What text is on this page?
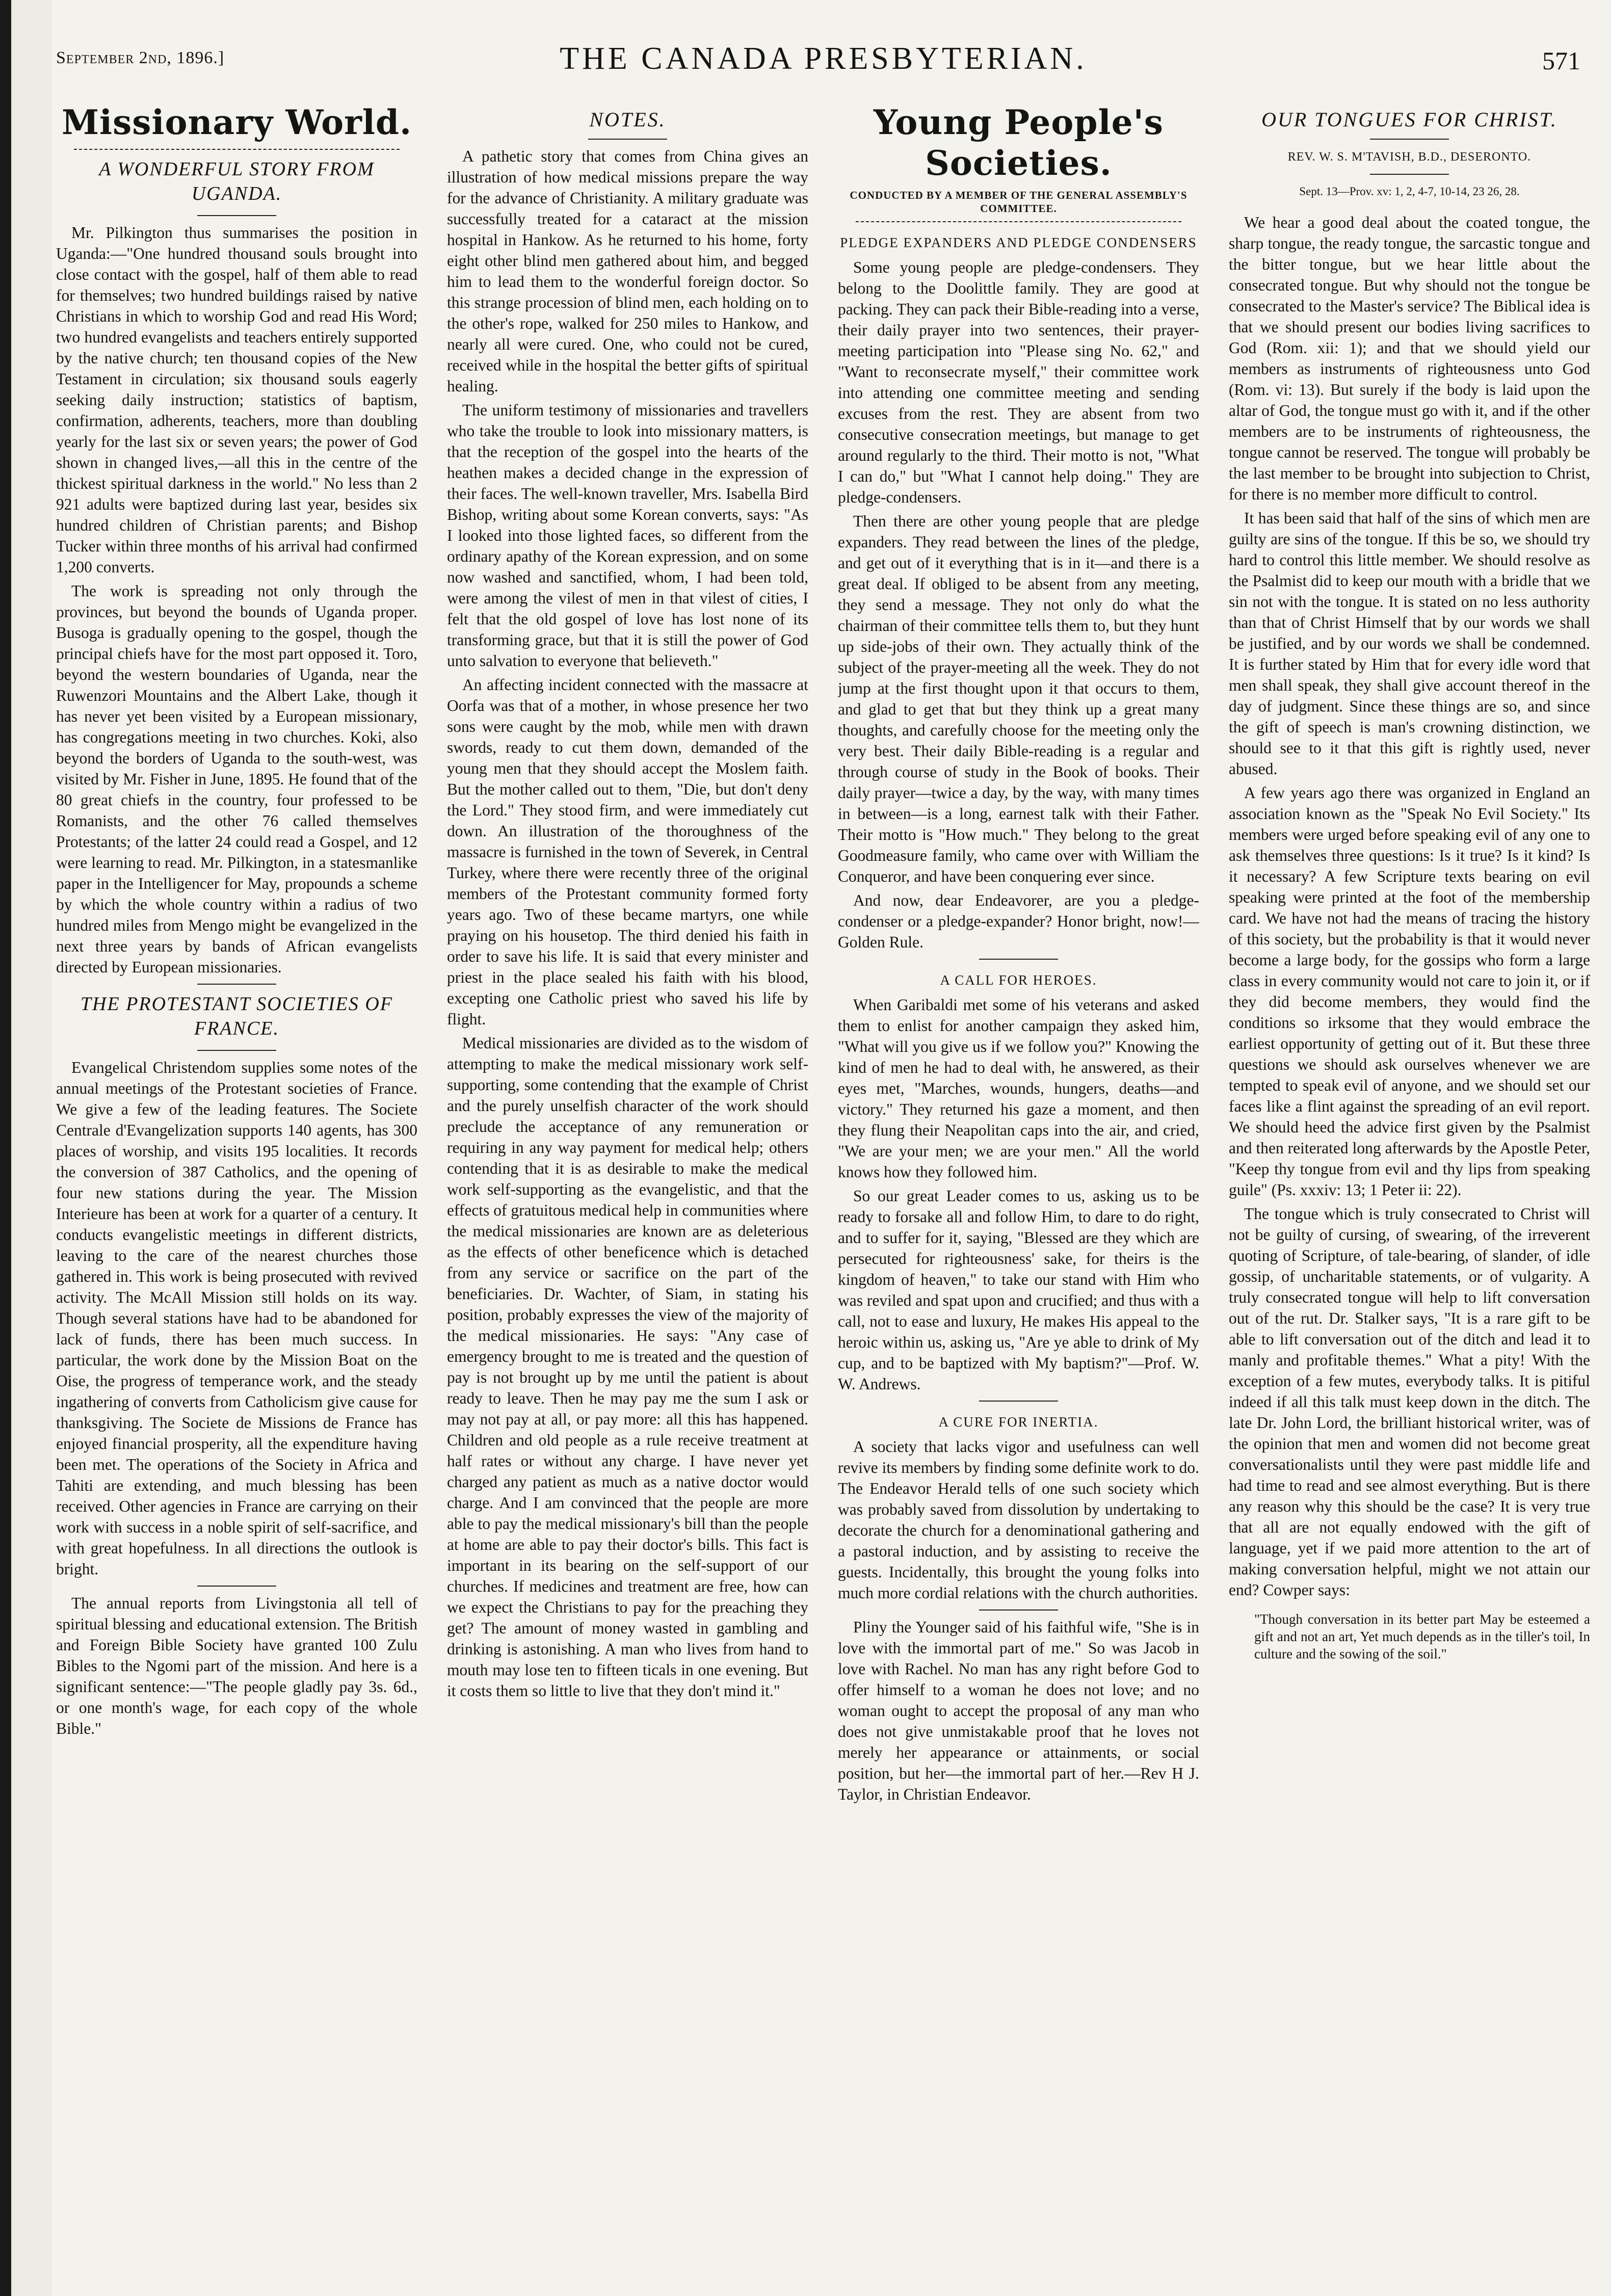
September 2nd, 1896.]	THE CANADA PRESBYTERIAN.	571
Missionary World.
A WONDERFUL STORY FROM UGANDA.

Mr. Pilkington thus summarises the position in Uganda:—"One hundred thousand souls brought into close contact with the gospel, half of them able to read for themselves; two hundred buildings raised by native Christians in which to worship God and read His Word; two hundred evangelists and teachers entirely supported by the native church; ten thousand copies of the New Testament in circulation; six thousand souls eagerly seeking daily instruction; statistics of baptism, confirmation, adherents, teachers, more than doubling yearly for the last six or seven years; the power of God shown in changed lives,—all this in the centre of the thickest spiritual darkness in the world." No less than 2 921 adults were baptized during last year, besides six hundred children of Christian parents; and Bishop Tucker within three months of his arrival had confirmed 1,200 converts.

The work is spreading not only through the provinces, but beyond the bounds of Uganda proper. Busoga is gradually opening to the gospel, though the principal chiefs have for the most part opposed it. Toro, beyond the western boundaries of Uganda, near the Ruwenzori Mountains and the Albert Lake, though it has never yet been visited by a European missionary, has congregations meeting in two churches. Koki, also beyond the borders of Uganda to the south-west, was visited by Mr. Fisher in June, 1895. He found that of the 80 great chiefs in the country, four professed to be Romanists, and the other 76 called themselves Protestants; of the latter 24 could read a Gospel, and 12 were learning to read. Mr. Pilkington, in a statesmanlike paper in the Intelligencer for May, propounds a scheme by which the whole country within a radius of two hundred miles from Mengo might be evangelized in the next three years by bands of African evangelists directed by European missionaries.

THE PROTESTANT SOCIETIES OF FRANCE.

Evangelical Christendom supplies some notes of the annual meetings of the Protestant societies of France. We give a few of the leading features. The Societe Centrale d'Evangelization supports 140 agents, has 300 places of worship, and visits 195 localities. It records the conversion of 387 Catholics, and the opening of four new stations during the year. The Mission Interieure has been at work for a quarter of a century. It conducts evangelistic meetings in different districts, leaving to the care of the nearest churches those gathered in. This work is being prosecuted with revived activity. The McAll Mission still holds on its way. Though several stations have had to be abandoned for lack of funds, there has been much success. In particular, the work done by the Mission Boat on the Oise, the progress of temperance work, and the steady ingathering of converts from Catholicism give cause for thanksgiving. The Societe de Missions de France has enjoyed financial prosperity, all the expenditure having been met. The operations of the Society in Africa and Tahiti are extending, and much blessing has been received. Other agencies in France are carrying on their work with success in a noble spirit of self-sacrifice, and with great hopefulness. In all directions the outlook is bright.

The annual reports from Livingstonia all tell of spiritual blessing and educational extension. The British and Foreign Bible Society have granted 100 Zulu Bibles to the Ngomi part of the mission. And here is a significant sentence:—"The people gladly pay 3s. 6d., or one month's wage, for each copy of the whole Bible."

NOTES.

A pathetic story that comes from China gives an illustration of how medical missions prepare the way for the advance of Christianity. A military graduate was successfully treated for a cataract at the mission hospital in Hankow. As he returned to his home, forty eight other blind men gathered about him, and begged him to lead them to the wonderful foreign doctor. So this strange procession of blind men, each holding on to the other's rope, walked for 250 miles to Hankow, and nearly all were cured. One, who could not be cured, received while in the hospital the better gifts of spiritual healing.

The uniform testimony of missionaries and travellers who take the trouble to look into missionary matters, is that the reception of the gospel into the hearts of the heathen makes a decided change in the expression of their faces. The well-known traveller, Mrs. Isabella Bird Bishop, writing about some Korean converts, says: "As I looked into those lighted faces, so different from the ordinary apathy of the Korean expression, and on some now washed and sanctified, whom, I had been told, were among the vilest of men in that vilest of cities, I felt that the old gospel of love has lost none of its transforming grace, but that it is still the power of God unto salvation to everyone that believeth."

An affecting incident connected with the massacre at Oorfa was that of a mother, in whose presence her two sons were caught by the mob, while men with drawn swords, ready to cut them down, demanded of the young men that they should accept the Moslem faith. But the mother called out to them, "Die, but don't deny the Lord." They stood firm, and were immediately cut down. An illustration of the thoroughness of the massacre is furnished in the town of Severek, in Central Turkey, where there were recently three of the original members of the Protestant community formed forty years ago. Two of these became martyrs, one while praying on his housetop. The third denied his faith in order to save his life. It is said that every minister and priest in the place sealed his faith with his blood, excepting one Catholic priest who saved his life by flight.

Medical missionaries are divided as to the wisdom of attempting to make the medical missionary work self-supporting, some contending that the example of Christ and the purely unselfish character of the work should preclude the acceptance of any remuneration or requiring in any way payment for medical help; others contending that it is as desirable to make the medical work self-supporting as the evangelistic, and that the effects of gratuitous medical help in communities where the medical missionaries are known are as deleterious as the effects of other beneficence which is detached from any service or sacrifice on the part of the beneficiaries. Dr. Wachter, of Siam, in stating his position, probably expresses the view of the majority of the medical missionaries. He says: "Any case of emergency brought to me is treated and the question of pay is not brought up by me until the patient is about ready to leave. Then he may pay me the sum I ask or may not pay at all, or pay more: all this has happened. Children and old people as a rule receive treatment at half rates or without any charge. I have never yet charged any patient as much as a native doctor would charge. And I am convinced that the people are more able to pay the medical missionary's bill than the people at home are able to pay their doctor's bills. This fact is important in its bearing on the self-support of our churches. If medicines and treatment are free, how can we expect the Christians to pay for the preaching they get? The amount of money wasted in gambling and drinking is astonishing. A man who lives from hand to mouth may lose ten to fifteen ticals in one evening. But it costs them so little to live that they don't mind it."

Young People's Societies.
CONDUCTED BY A MEMBER OF THE GENERAL ASSEMBLY'S COMMITTEE.
PLEDGE EXPANDERS AND PLEDGE CONDENSERS

Some young people are pledge-condensers. They belong to the Doolittle family. They are good at packing. They can pack their Bible-reading into a verse, their daily prayer into two sentences, their prayer-meeting participation into "Please sing No. 62," and "Want to reconsecrate myself," their committee work into attending one committee meeting and sending excuses from the rest. They are absent from two consecutive consecration meetings, but manage to get around regularly to the third. Their motto is not, "What I can do," but "What I cannot help doing." They are pledge-condensers.

Then there are other young people that are pledge expanders. They read between the lines of the pledge, and get out of it everything that is in it—and there is a great deal. If obliged to be absent from any meeting, they send a message. They not only do what the chairman of their committee tells them to, but they hunt up side-jobs of their own. They actually think of the subject of the prayer-meeting all the week. They do not jump at the first thought upon it that occurs to them, and glad to get that but they think up a great many thoughts, and carefully choose for the meeting only the very best. Their daily Bible-reading is a regular and through course of study in the Book of books. Their daily prayer—twice a day, by the way, with many times in between—is a long, earnest talk with their Father. Their motto is "How much." They belong to the great Goodmeasure family, who came over with William the Conqueror, and have been conquering ever since.

And now, dear Endeavorer, are you a pledge-condenser or a pledge-expander? Honor bright, now!—Golden Rule.

A CALL FOR HEROES.

When Garibaldi met some of his veterans and asked them to enlist for another campaign they asked him, "What will you give us if we follow you?" Knowing the kind of men he had to deal with, he answered, as their eyes met, "Marches, wounds, hungers, deaths—and victory." They returned his gaze a moment, and then they flung their Neapolitan caps into the air, and cried, "We are your men; we are your men." All the world knows how they followed him.

So our great Leader comes to us, asking us to be ready to forsake all and follow Him, to dare to do right, and to suffer for it, saying, "Blessed are they which are persecuted for righteousness' sake, for theirs is the kingdom of heaven," to take our stand with Him who was reviled and spat upon and crucified; and thus with a call, not to ease and luxury, He makes His appeal to the heroic within us, asking us, "Are ye able to drink of My cup, and to be baptized with My baptism?"—Prof. W. W. Andrews.

A CURE FOR INERTIA.

A society that lacks vigor and usefulness can well revive its members by finding some definite work to do. The Endeavor Herald tells of one such society which was probably saved from dissolution by undertaking to decorate the church for a denominational gathering and a pastoral induction, and by assisting to receive the guests. Incidentally, this brought the young folks into much more cordial relations with the church authorities.

Pliny the Younger said of his faithful wife, "She is in love with the immortal part of me." So was Jacob in love with Rachel. No man has any right before God to offer himself to a woman he does not love; and no woman ought to accept the proposal of any man who does not give unmistakable proof that he loves not merely her appearance or attainments, or social position, but her—the immortal part of her.—Rev H J. Taylor, in Christian Endeavor.

OUR TONGUES FOR CHRIST.
REV. W. S. M'TAVISH, B.D., DESERONTO.
Sept. 13—Prov. xv: 1, 2, 4-7, 10-14, 23 26, 28.

We hear a good deal about the coated tongue, the sharp tongue, the ready tongue, the sarcastic tongue and the bitter tongue, but we hear little about the consecrated tongue. But why should not the tongue be consecrated to the Master's service? The Biblical idea is that we should present our bodies living sacrifices to God (Rom. xii: 1); and that we should yield our members as instruments of righteousness unto God (Rom. vi: 13). But surely if the body is laid upon the altar of God, the tongue must go with it, and if the other members are to be instruments of righteousness, the tongue cannot be reserved. The tongue will probably be the last member to be brought into subjection to Christ, for there is no member more difficult to control.

It has been said that half of the sins of which men are guilty are sins of the tongue. If this be so, we should try hard to control this little member. We should resolve as the Psalmist did to keep our mouth with a bridle that we sin not with the tongue. It is stated on no less authority than that of Christ Himself that by our words we shall be justified, and by our words we shall be condemned. It is further stated by Him that for every idle word that men shall speak, they shall give account thereof in the day of judgment. Since these things are so, and since the gift of speech is man's crowning distinction, we should see to it that this gift is rightly used, never abused.

A few years ago there was organized in England an association known as the "Speak No Evil Society." Its members were urged before speaking evil of any one to ask themselves three questions: Is it true? Is it kind? Is it necessary? A few Scripture texts bearing on evil speaking were printed at the foot of the membership card. We have not had the means of tracing the history of this society, but the probability is that it would never become a large body, for the gossips who form a large class in every community would not care to join it, or if they did become members, they would find the conditions so irksome that they would embrace the earliest opportunity of getting out of it. But these three questions we should ask ourselves whenever we are tempted to speak evil of anyone, and we should set our faces like a flint against the spreading of an evil report. We should heed the advice first given by the Psalmist and then reiterated long afterwards by the Apostle Peter, "Keep thy tongue from evil and thy lips from speaking guile" (Ps. xxxiv: 13; 1 Peter ii: 22).

The tongue which is truly consecrated to Christ will not be guilty of cursing, of swearing, of the irreverent quoting of Scripture, of tale-bearing, of slander, of idle gossip, of uncharitable statements, or of vulgarity. A truly consecrated tongue will help to lift conversation out of the rut. Dr. Stalker says, "It is a rare gift to be able to lift conversation out of the ditch and lead it to manly and profitable themes." What a pity! With the exception of a few mutes, everybody talks. It is pitiful indeed if all this talk must keep down in the ditch. The late Dr. John Lord, the brilliant historical writer, was of the opinion that men and women did not become great conversationalists until they were past middle life and had time to read and see almost everything. But is there any reason why this should be the case? It is very true that all are not equally endowed with the gift of language, yet if we paid more attention to the art of making conversation helpful, might we not attain our end? Cowper says:

"Though conversation in its better part May be esteemed a gift and not an art, Yet much depends as in the tiller's toil, In culture and the sowing of the soil."
